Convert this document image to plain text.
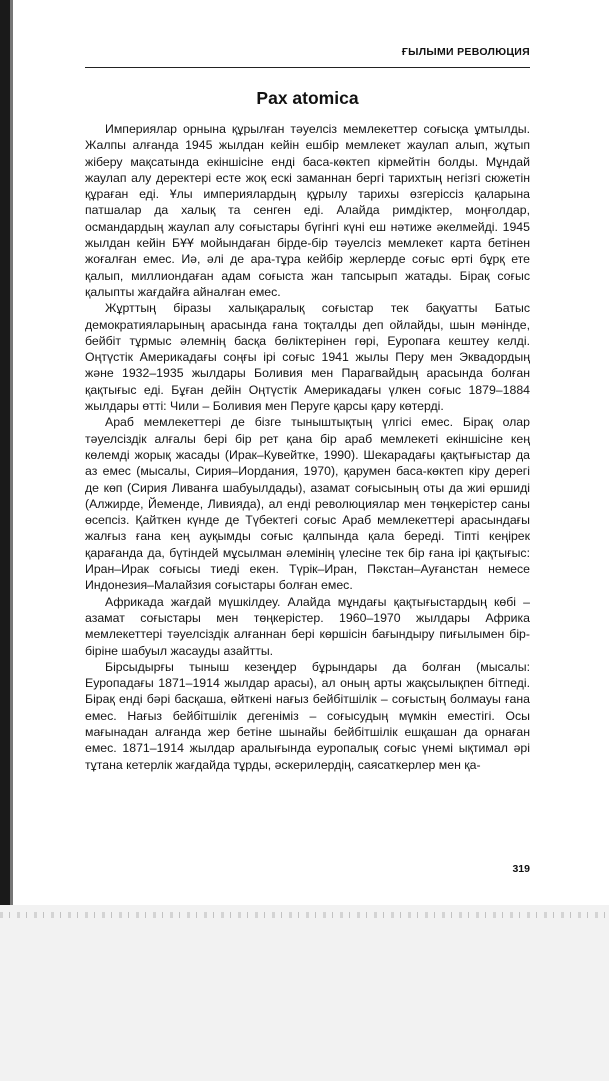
ҒЫЛЫМИ РЕВОЛЮЦИЯ
Pax atomica

Империялар орнына құрылған тәуелсіз мемлекеттер соғысқа ұмтылды. Жалпы алғанда 1945 жылдан кейін ешбір мемлекет жаулап алып, жұтып жіберу мақсатында екіншісіне енді баса-көктеп кірмейтін болды. Мұндай жаулап алу деректері есте жоқ ескі заманнан бергі тарихтың негізгі сюжетін құраған еді. Ұлы империялардың құрылу тарихы өзгеріссіз қаларына патшалар да халық та сенген еді. Алайда римдіктер, моңғолдар, османдардың жаулап алу соғыстары бүгінгі күні еш нәтиже әкелмейді. 1945 жылдан кейін БҰҰ мойындаған бірде-бір тәуелсіз мемлекет карта бетінен жоғалған емес. Иә, әлі де ара-тұра кейбір жерлерде соғыс өрті бұрқ ете қалып, миллиондаған адам соғыста жан тапсырып жатады. Бірақ соғыс қалыпты жағдайға айналған емес.

Жұрттың біразы халықаралық соғыстар тек бақуатты Батыс демократияларының арасында ғана тоқталды деп ойлайды, шын мәнінде, бейбіт тұрмыс әлемнің басқа бөліктерінен гөрі, Еуропаға кештеу келді. Оңтүстік Америкадағы соңғы ірі соғыс 1941 жылы Перу мен Эквадордың және 1932–1935 жылдары Боливия мен Парагвайдың арасында болған қақтығыс еді. Бұған дейін Оңтүстік Америкадағы үлкен соғыс 1879–1884 жылдары өтті: Чили – Боливия мен Перуге қарсы қару көтерді.

Араб мемлекеттері де бізге тыныштықтың үлгісі емес. Бірақ олар тәуелсіздік алғалы бері бір рет қана бір араб мемлекеті екіншісіне кең көлемді жорық жасады (Ирак–Кувейтке, 1990). Шекарадағы қақтығыстар да аз емес (мысалы, Сирия–Иордания, 1970), қарумен баса-көктеп кіру дерегі де көп (Сирия Ливанға шабуылдады), азамат соғысының оты да жиі өршиді (Алжирде, Йеменде, Ливияда), ал енді революциялар мен төңкерістер саны өсепсіз. Қайткен күнде де Түбектегі соғыс Араб мемлекеттері арасындағы жалғыз ғана кең ауқымды соғыс қалпында қала береді. Тіпті кеңірек қарағанда да, бүтіндей мұсылман әлемінің үлесіне тек бір ғана ірі қақтығыс: Иран–Ирак соғысы тиеді екен. Түрік–Иран, Пәкстан–Ауғанстан немесе Индонезия–Малайзия соғыстары болған емес.

Африкада жағдай мүшкілдеу. Алайда мұндағы қақтығыстардың көбі – азамат соғыстары мен төңкерістер. 1960–1970 жылдары Африка мемлекеттері тәуелсіздік алғаннан бері көршісін бағындыру пиғылымен бір-біріне шабуыл жасауды азайтты.

Бірсыдырғы тыныш кезеңдер бұрындары да болған (мысалы: Еуропадағы 1871–1914 жылдар арасы), ал оның арты жақсылықпен бітпеді. Бірақ енді бәрі басқаша, өйткені нағыз бейбітшілік – соғыстың болмауы ғана емес. Нағыз бейбітшілік дегеніміз – соғысудың мүмкін еместігі. Осы мағынадан алғанда жер бетіне шынайы бейбітшілік ешқашан да орнаған емес. 1871–1914 жылдар аралығында еуропалық соғыс үнемі ықтимал әрі тұтана кетерлік жағдайда тұрды, әскерилердің, саясаткерлер мен қа-

319
